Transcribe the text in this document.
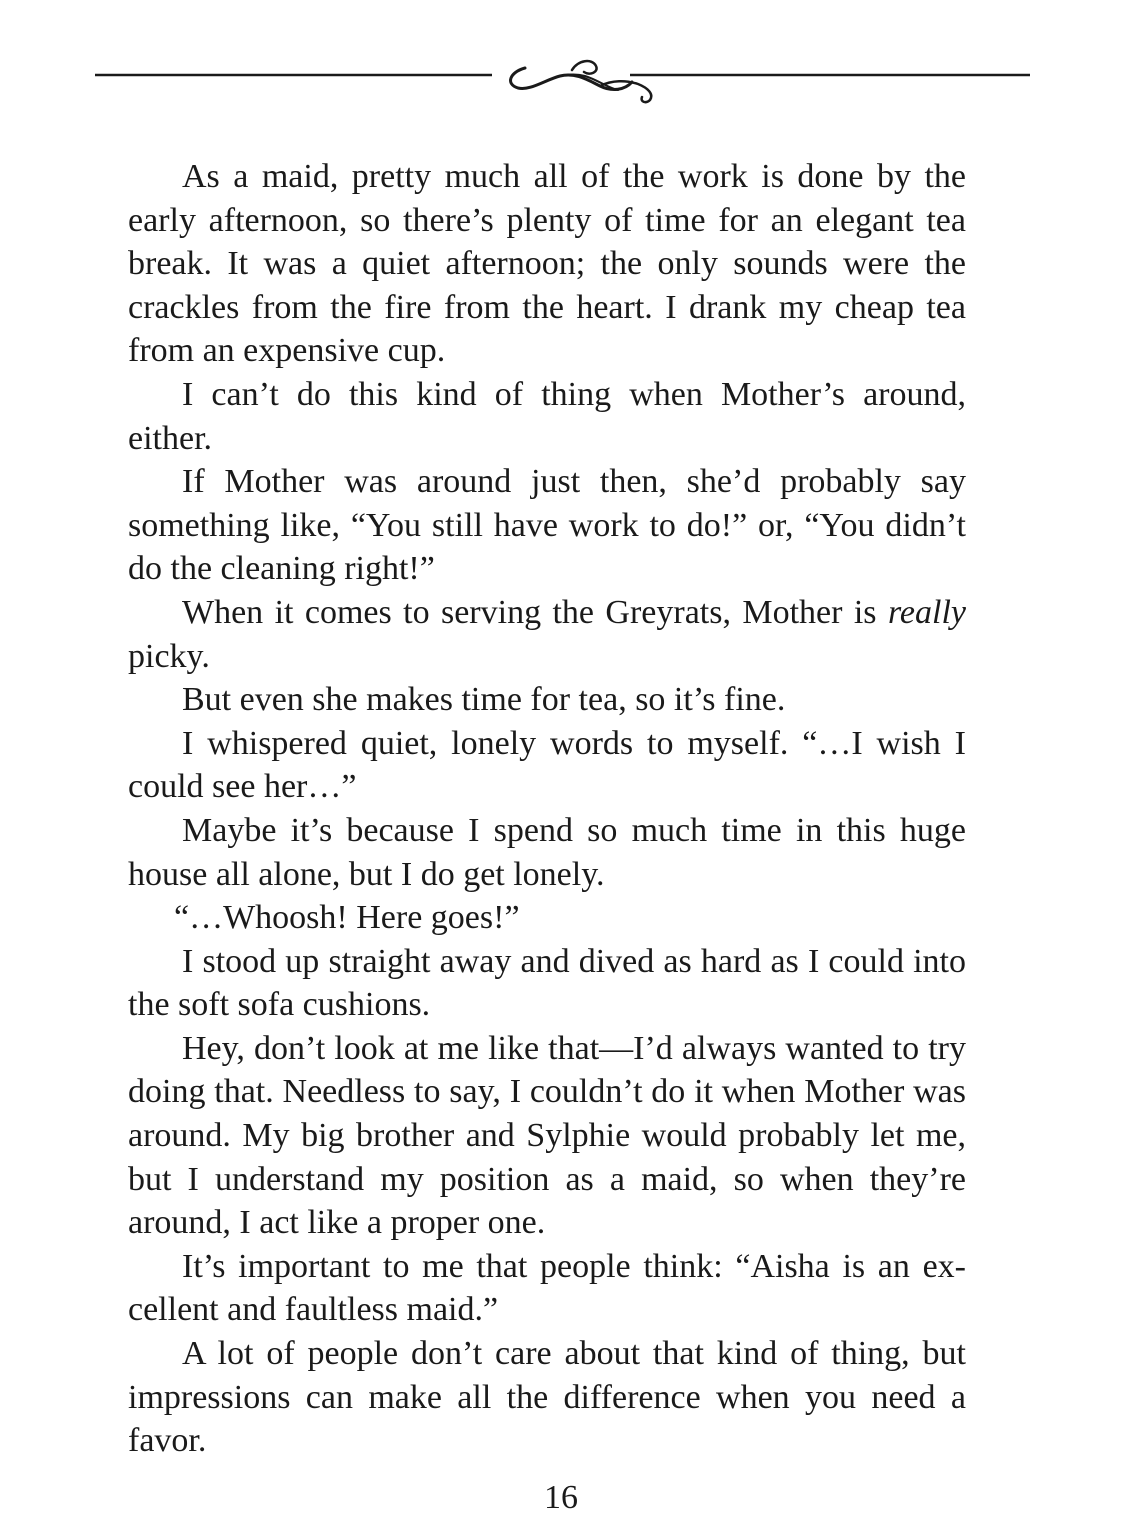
As a maid, pretty much all of the work is done by the early afternoon, so there’s plenty of time for an elegant tea break. It was a quiet afternoon; the only sounds were the crackles from the fire from the heart. I drank my cheap tea from an expensive cup.

I can’t do this kind of thing when Mother’s around, either.

If Mother was around just then, she’d probably say something like, “You still have work to do!” or, “You didn’t do the cleaning right!”

When it comes to serving the Greyrats, Mother is really picky.

But even she makes time for tea, so it’s fine.

I whispered quiet, lonely words to myself. “…I wish I could see her…”

Maybe it’s because I spend so much time in this huge house all alone, but I do get lonely.

“…Whoosh! Here goes!”

I stood up straight away and dived as hard as I could into the soft sofa cushions.

Hey, don’t look at me like that—I’d always wanted to try doing that. Needless to say, I couldn’t do it when Mother was around. My big brother and Sylphie would probably let me, but I understand my position as a maid, so when they’re around, I act like a proper one.

It’s important to me that people think: “Aisha is an excellent and faultless maid.”

A lot of people don’t care about that kind of thing, but impressions can make all the difference when you need a favor.

16
